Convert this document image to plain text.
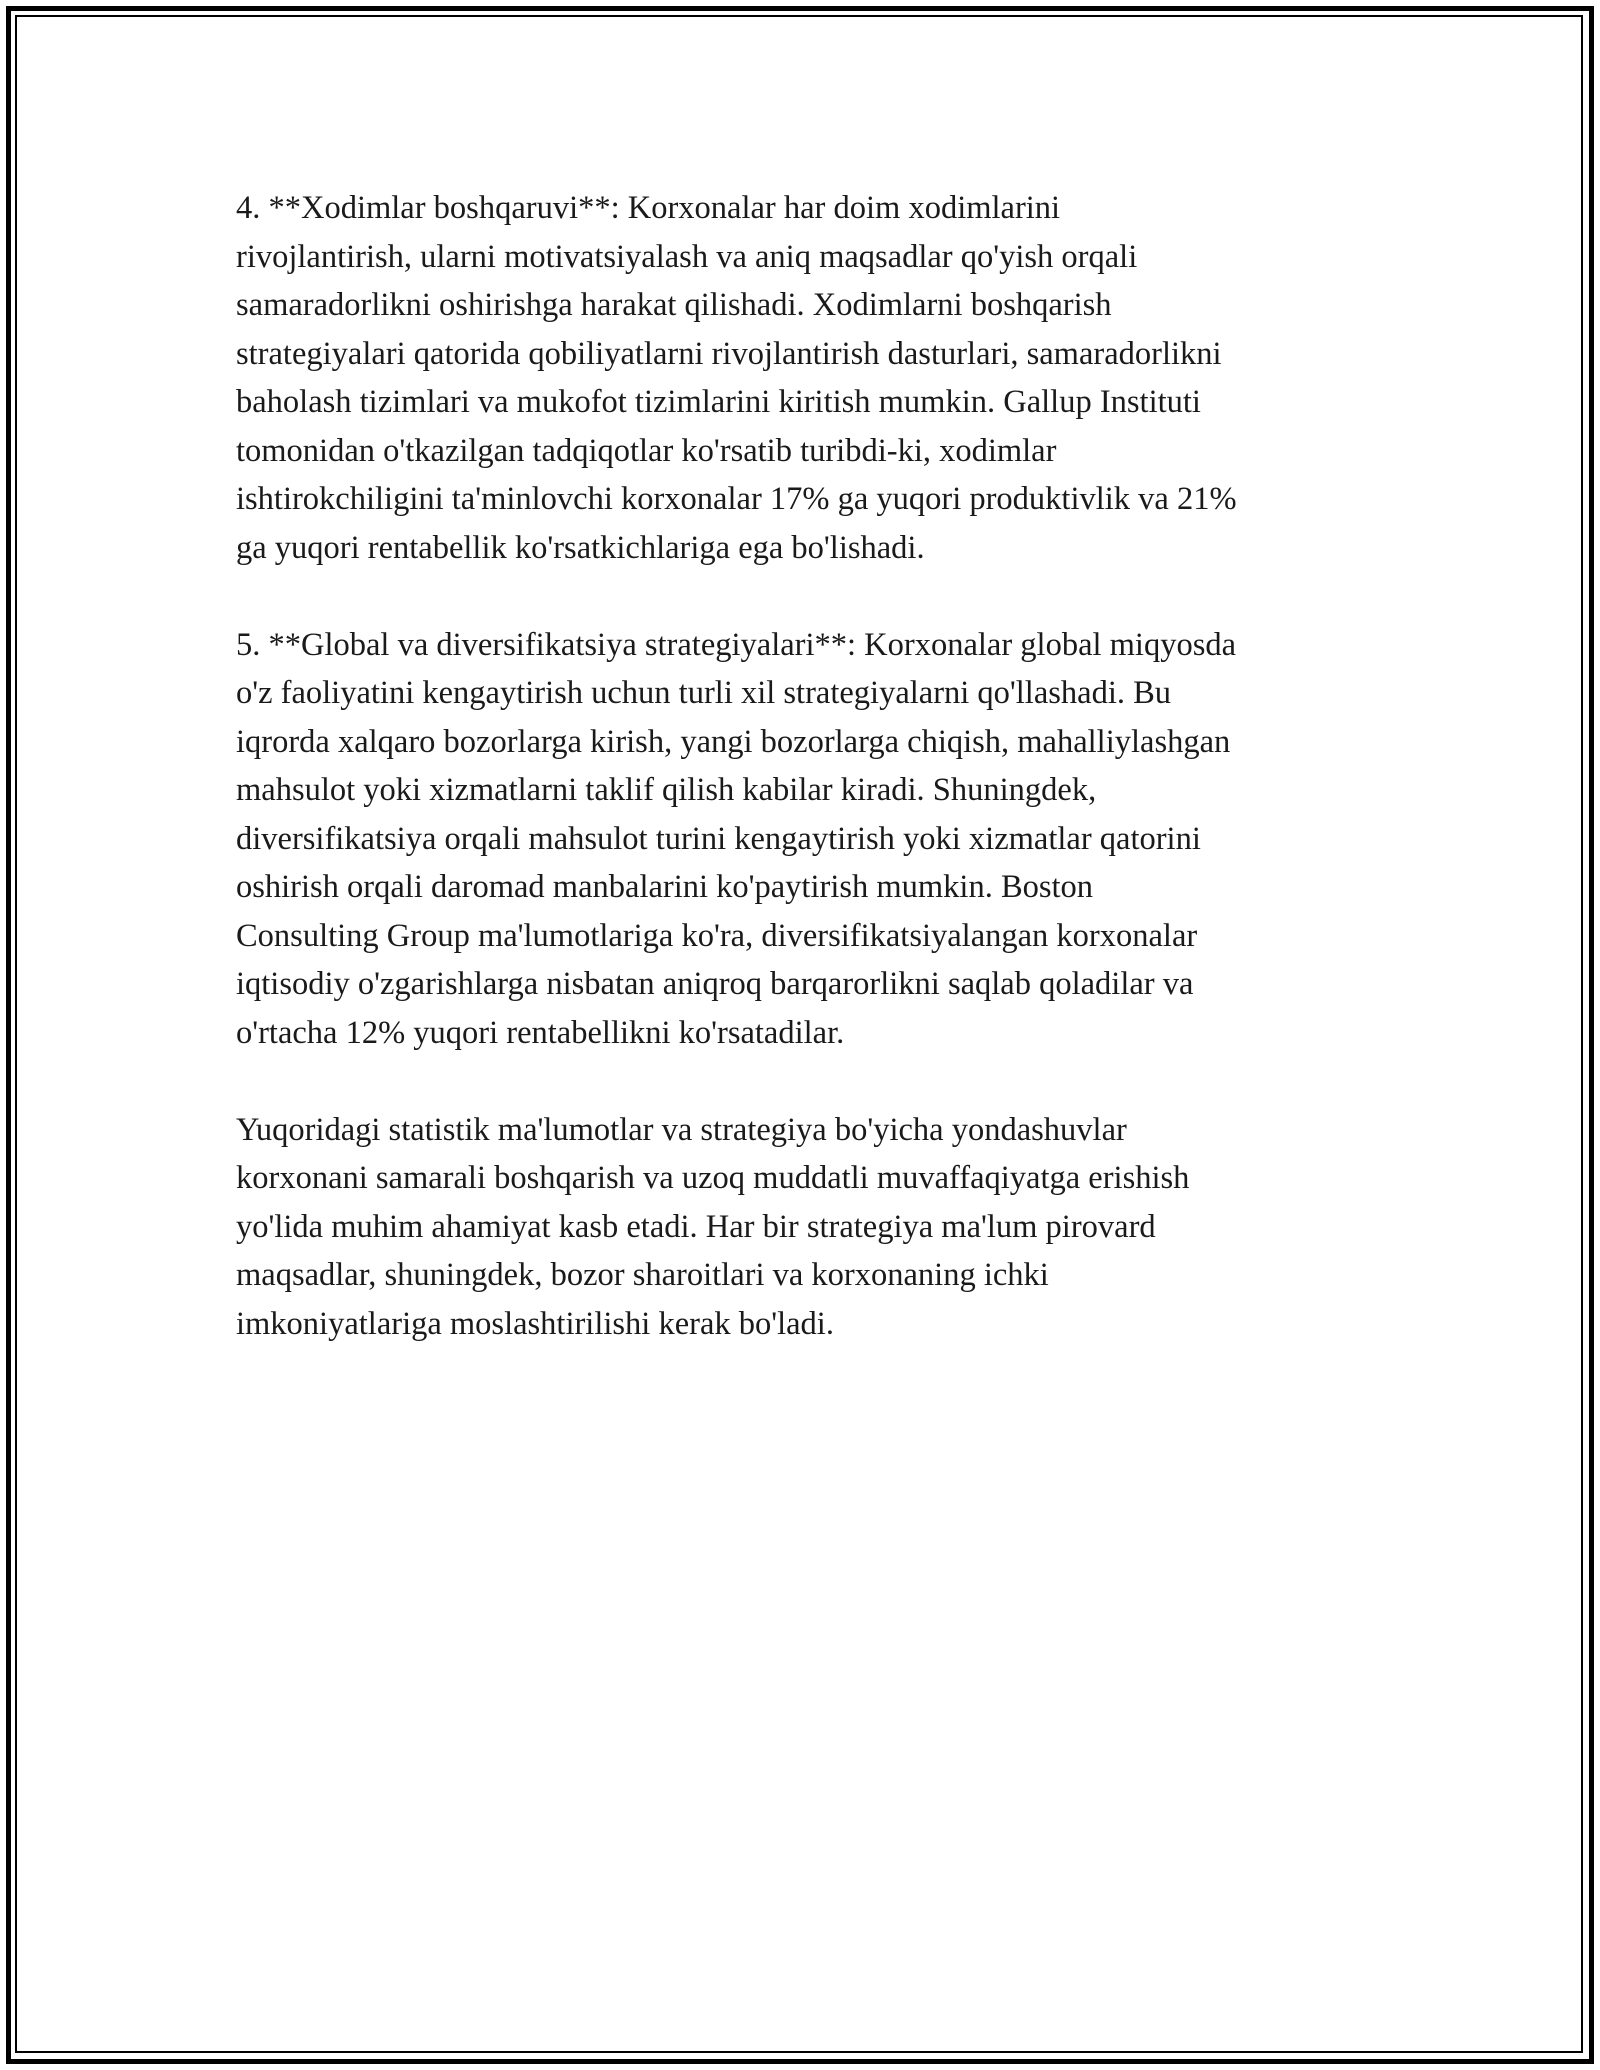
4. **Xodimlar boshqaruvi**: Korxonalar har doim xodimlarini
rivojlantirish, ularni motivatsiyalash va aniq maqsadlar qo'yish orqali
samaradorlikni oshirishga harakat qilishadi. Xodimlarni boshqarish
strategiyalari qatorida qobiliyatlarni rivojlantirish dasturlari, samaradorlikni
baholash tizimlari va mukofot tizimlarini kiritish mumkin. Gallup Instituti
tomonidan o'tkazilgan tadqiqotlar ko'rsatib turibdi-ki, xodimlar
ishtirokchiligini ta'minlovchi korxonalar 17% ga yuqori produktivlik va 21%
ga yuqori rentabellik ko'rsatkichlariga ega bo'lishadi.

5. **Global va diversifikatsiya strategiyalari**: Korxonalar global miqyosda
o'z faoliyatini kengaytirish uchun turli xil strategiyalarni qo'llashadi. Bu
iqrorda xalqaro bozorlarga kirish, yangi bozorlarga chiqish, mahalliylashgan
mahsulot yoki xizmatlarni taklif qilish kabilar kiradi. Shuningdek,
diversifikatsiya orqali mahsulot turini kengaytirish yoki xizmatlar qatorini
oshirish orqali daromad manbalarini ko'paytirish mumkin. Boston
Consulting Group ma'lumotlariga ko'ra, diversifikatsiyalangan korxonalar
iqtisodiy o'zgarishlarga nisbatan aniqroq barqarorlikni saqlab qoladilar va
o'rtacha 12% yuqori rentabellikni ko'rsatadilar.

Yuqoridagi statistik ma'lumotlar va strategiya bo'yicha yondashuvlar
korxonani samarali boshqarish va uzoq muddatli muvaffaqiyatga erishish
yo'lida muhim ahamiyat kasb etadi. Har bir strategiya ma'lum pirovard
maqsadlar, shuningdek, bozor sharoitlari va korxonaning ichki
imkoniyatlariga moslashtirilishi kerak bo'ladi.
